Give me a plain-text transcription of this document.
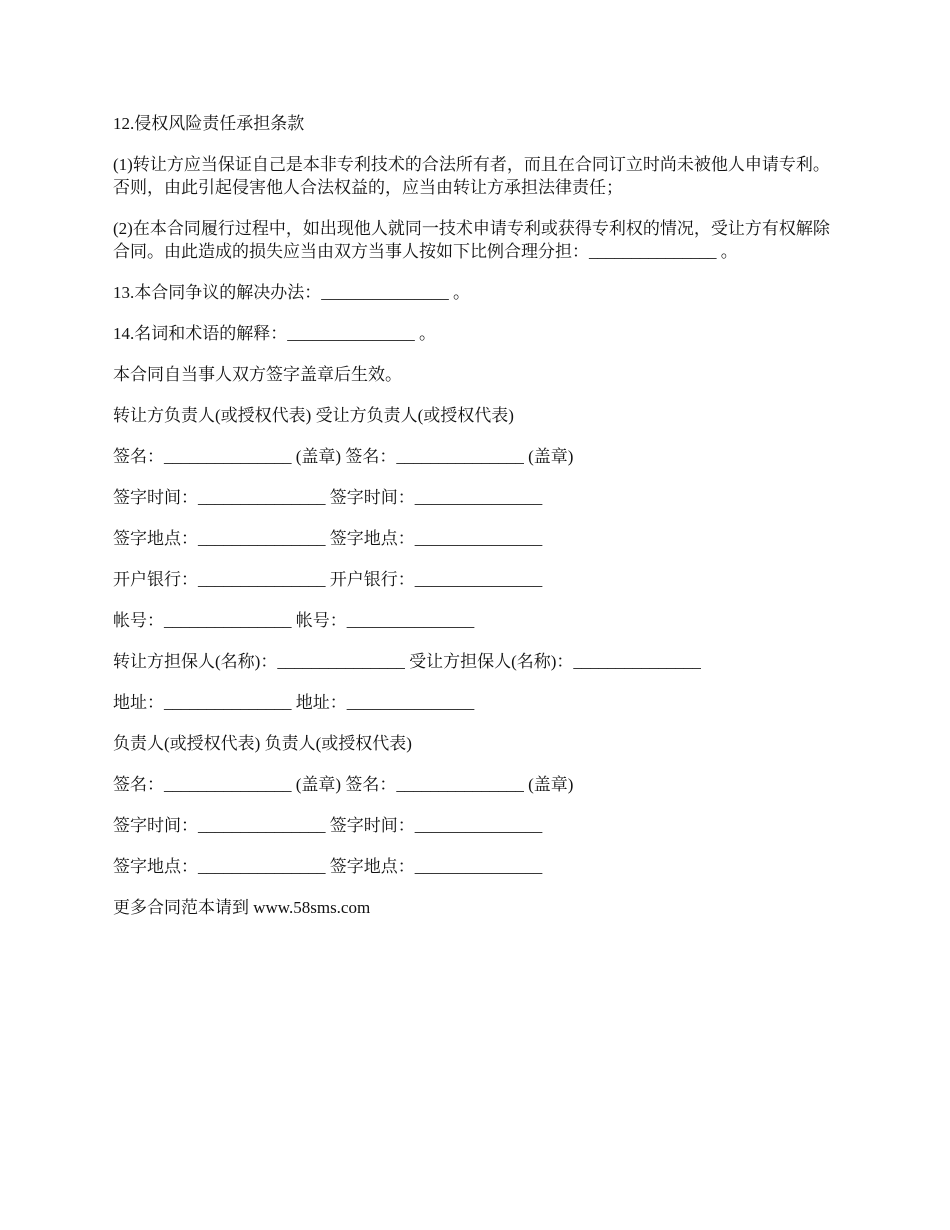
12.侵权风险责任承担条款

(1)转让方应当保证自己是本非专利技术的合法所有者，而且在合同订立时尚未被他人申请专利。否则，由此引起侵害他人合法权益的，应当由转让方承担法律责任；

(2)在本合同履行过程中，如出现他人就同一技术申请专利或获得专利权的情况，受让方有权解除合同。由此造成的损失应当由双方当事人按如下比例合理分担：_______________ 。

13.本合同争议的解决办法：_______________ 。

14.名词和术语的解释：_______________ 。

本合同自当事人双方签字盖章后生效。

转让方负责人(或授权代表) 受让方负责人(或授权代表)

签名：_______________ (盖章) 签名：_______________ (盖章)

签字时间：_______________ 签字时间：_______________

签字地点：_______________ 签字地点：_______________

开户银行：_______________ 开户银行：_______________

帐号：_______________ 帐号：_______________

转让方担保人(名称)：_______________ 受让方担保人(名称)：_______________

地址：_______________ 地址：_______________

负责人(或授权代表) 负责人(或授权代表)

签名：_______________ (盖章) 签名：_______________ (盖章)

签字时间：_______________ 签字时间：_______________

签字地点：_______________ 签字地点：_______________

更多合同范本请到 www.58sms.com
